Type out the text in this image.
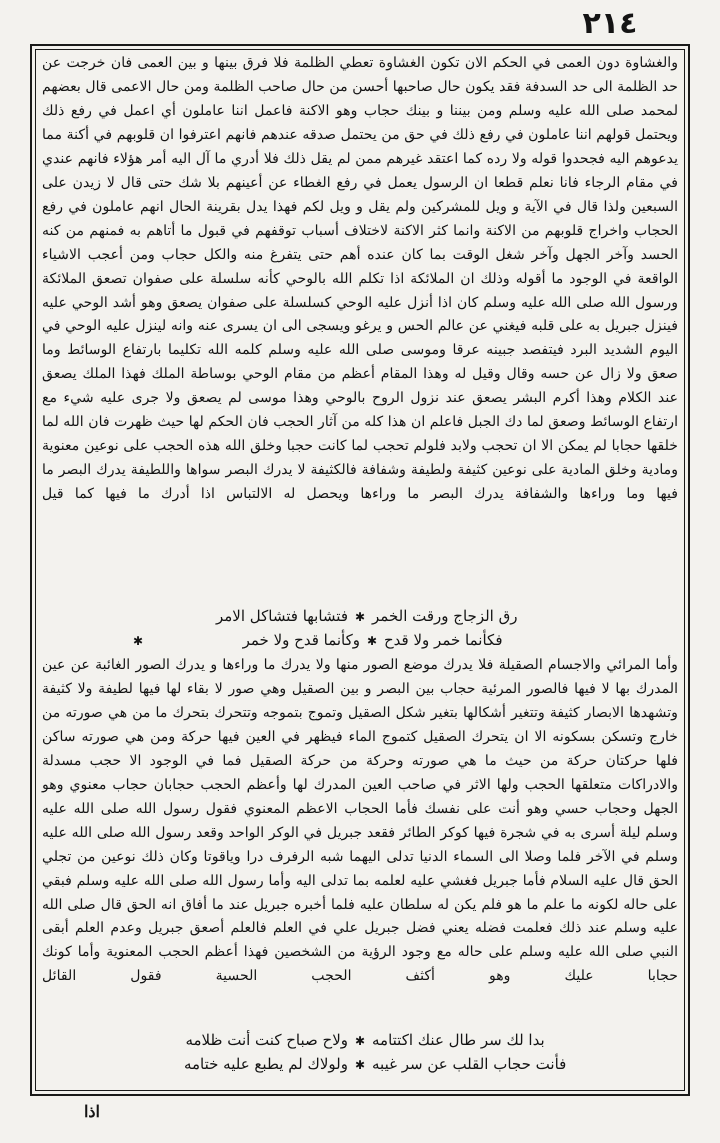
٢١٤

والغشاوة دون العمى في الحكم الان تكون الغشاوة تعطي الظلمة فلا فرق بينها و بين العمى فان خرجت عن حد الظلمة الى حد السدفة فقد يكون حال صاحبها أحسن من حال صاحب الظلمة ومن حال الاعمى قال بعضهم لمحمد صلى الله عليه وسلم ومن بيننا و بينك حجاب وهو الاكنة فاعمل اننا عاملون أي اعمل في رفع ذلك ويحتمل قولهم اننا عاملون في رفع ذلك في حق من يحتمل صدقه عندهم فانهم اعترفوا ان قلوبهم في أكنة مما يدعوهم اليه فجحدوا قوله ولا رده كما اعتقد غيرهم ممن لم يقل ذلك فلا أدري ما آل اليه أمر هؤلاء فانهم عندي في مقام الرجاء فانا نعلم قطعا ان الرسول يعمل في رفع الغطاء عن أعينهم بلا شك حتى قال لا زيدن على السبعين ولذا قال في الآية و ويل للمشركين ولم يقل و ويل لكم فهذا يدل بقرينة الحال انهم عاملون في رفع الحجاب واخراج قلوبهم من الاكنة وانما كثر الاكنة لاختلاف أسباب توقفهم في قبول ما أتاهم به فمنهم من كنه الحسد وآخر الجهل وآخر شغل الوقت بما كان عنده أهم حتى يتفرغ منه والكل حجاب ومن أعجب الاشياء الواقعة في الوجود ما أقوله وذلك ان الملائكة اذا تكلم الله بالوحي كأنه سلسلة على صفوان تصعق الملائكة ورسول الله صلى الله عليه وسلم كان اذا أنزل عليه الوحي كسلسلة على صفوان يصعق وهو أشد الوحي عليه فينزل جبريل به على قلبه فيغني عن عالم الحس و يرغو ويسجى الى ان يسرى عنه وانه لينزل عليه الوحي في اليوم الشديد البرد فيتفصد جبينه عرقا وموسى صلى الله عليه وسلم كلمه الله تكليما بارتفاع الوسائط وما صعق ولا زال عن حسه وقال وقيل له وهذا المقام أعظم من مقام الوحي بوساطة الملك فهذا الملك يصعق عند الكلام وهذا أكرم البشر يصعق عند نزول الروح بالوحي وهذا موسى لم يصعق ولا جرى عليه شيء مع ارتفاع الوسائط وصعق لما دك الجبل فاعلم ان هذا كله من آثار الحجب فان الحكم لها حيث ظهرت فان الله لما خلقها حجابا لم يمكن الا ان تحجب ولابد فلولم تحجب لما كانت حجبا وخلق الله هذه الحجب على نوعين معنوية ومادية وخلق المادية على نوعين كثيفة ولطيفة وشفافة فالكثيفة لا يدرك البصر سواها واللطيفة يدرك البصر ما فيها وما وراءها والشفافة يدرك البصر ما وراءها ويحصل له الالتباس اذا أدرك ما فيها كما قيل

رق الزجاج ورقت الخمر✱فتشابها فتشاكل الامر
فكأنما خمر ولا قدح✱وكأنما قدح ولا خمر✱

وأما المرائي والاجسام الصقيلة فلا يدرك موضع الصور منها ولا يدرك ما وراءها و يدرك الصور الغائبة عن عين المدرك بها لا فيها فالصور المرئية حجاب بين البصر و بين الصقيل وهي صور لا بقاء لها فيها لطيفة ولا كثيفة وتشهدها الابصار كثيفة وتتغير أشكالها بتغير شكل الصقيل وتموج بتموجه وتتحرك بتحرك ما من هي صورته من خارج وتسكن بسكونه الا ان يتحرك الصقيل كتموج الماء فيظهر في العين فيها حركة ومن هي صورته ساكن فلها حركتان حركة من حيث ما هي صورته وحركة من حركة الصقيل فما في الوجود الا حجب مسدلة والادراكات متعلقها الحجب ولها الاثر في صاحب العين المدرك لها وأعظم الحجب حجابان حجاب معنوي وهو الجهل وحجاب حسي وهو أنت على نفسك فأما الحجاب الاعظم المعنوي فقول رسول الله صلى الله عليه وسلم ليلة أسرى به في شجرة فيها كوكر الطائر فقعد جبريل في الوكر الواحد وقعد رسول الله صلى الله عليه وسلم في الآخر فلما وصلا الى السماء الدنيا تدلى اليهما شبه الرفرف درا وياقوتا وكان ذلك نوعين من تجلي الحق قال عليه السلام فأما جبريل فغشي عليه لعلمه بما تدلى اليه وأما رسول الله صلى الله عليه وسلم فبقي على حاله لكونه ما علم ما هو فلم يكن له سلطان عليه فلما أخبره جبريل عند ما أفاق انه الحق قال صلى الله عليه وسلم عند ذلك فعلمت فضله يعني فضل جبريل علي في العلم فالعلم أصعق جبريل وعدم العلم أبقى النبي صلى الله عليه وسلم على حاله مع وجود الرؤية من الشخصين فهذا أعظم الحجب المعنوية وأما كونك حجابا عليك وهو أكثف الحجب الحسية فقول القائل

بدا لك سر طال عنك اكتتامه✱ولاح صباح كنت أنت ظلامه
فأنت حجاب القلب عن سر غيبه✱ولولاك لم يطبع عليه ختامه
اذا
